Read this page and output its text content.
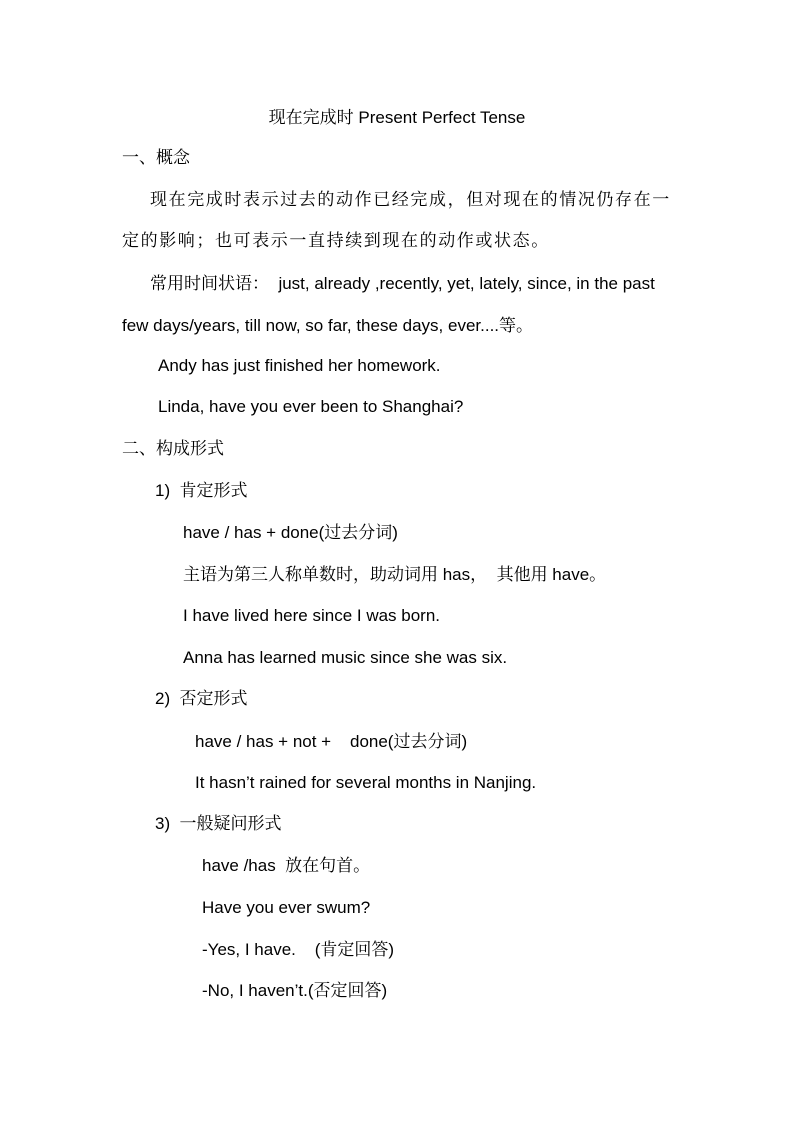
现在完成时 Present Perfect Tense
一、概念
现在完成时表示过去的动作已经完成，但对现在的情况仍存在一
定的影响；也可表示一直持续到现在的动作或状态。
常用时间状语：  just, already ,recently, yet, lately, since, in the past
few days/years, till now, so far, these days, ever....等。
Andy has just finished her homework.
Linda, have you ever been to Shanghai?
二、构成形式
1)  肯定形式
have / has + done(过去分词)
主语为第三人称单数时，助动词用 has，  其他用 have。
I have lived here since I was born.
Anna has learned music since she was six.
2)  否定形式
have / has + not +    done(过去分词)
It hasn’t rained for several months in Nanjing.
3)  一般疑问形式
have /has  放在句首。
Have you ever swum?
-Yes, I have.    (肯定回答)
-No, I haven’t.(否定回答)
